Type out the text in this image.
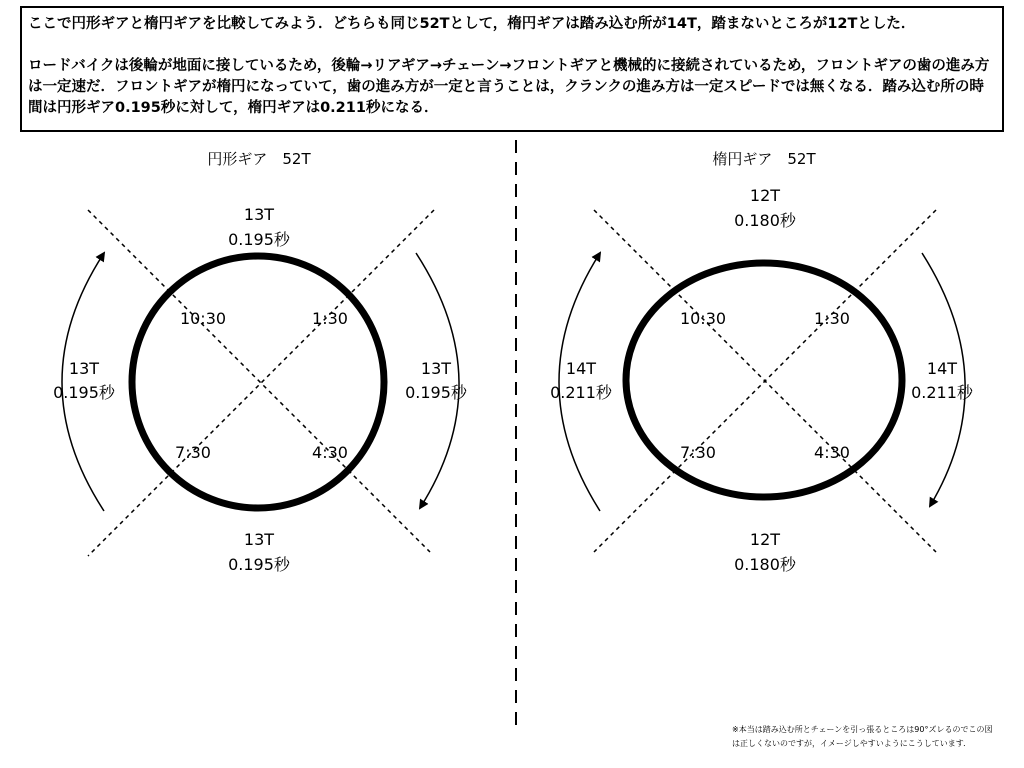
ここで円形ギアと楕円ギアを比較してみよう．どちらも同じ52Tとして，楕円ギアは踏み込む所が14T，踏まないところが12Tとした．

ロードバイクは後輪が地面に接しているため，後輪→リアギア→チェーン→フロントギアと機械的に接続されているため，フロントギアの歯の進み方は一定速だ．フロントギアが楕円になっていて，歯の進み方が一定と言うことは，クランクの進み方は一定スピードでは無くなる．踏み込む所の時間は円形ギア0.195秒に対して，楕円ギアは0.211秒になる．

円形ギア　52T
10:30	1:30
7:30	4:30
13T
0.195秒
13T
0.195秒
13T
0.195秒
13T
0.195秒
楕円ギア　52T
10:30	1:30
7:30	4:30
12T
0.180秒
12T
0.180秒
14T
0.211秒
14T
0.211秒
※本当は踏み込む所とチェーンを引っ張るところは90°ズレるのでこの図
は正しくないのですが，イメージしやすいようにこうしています．
